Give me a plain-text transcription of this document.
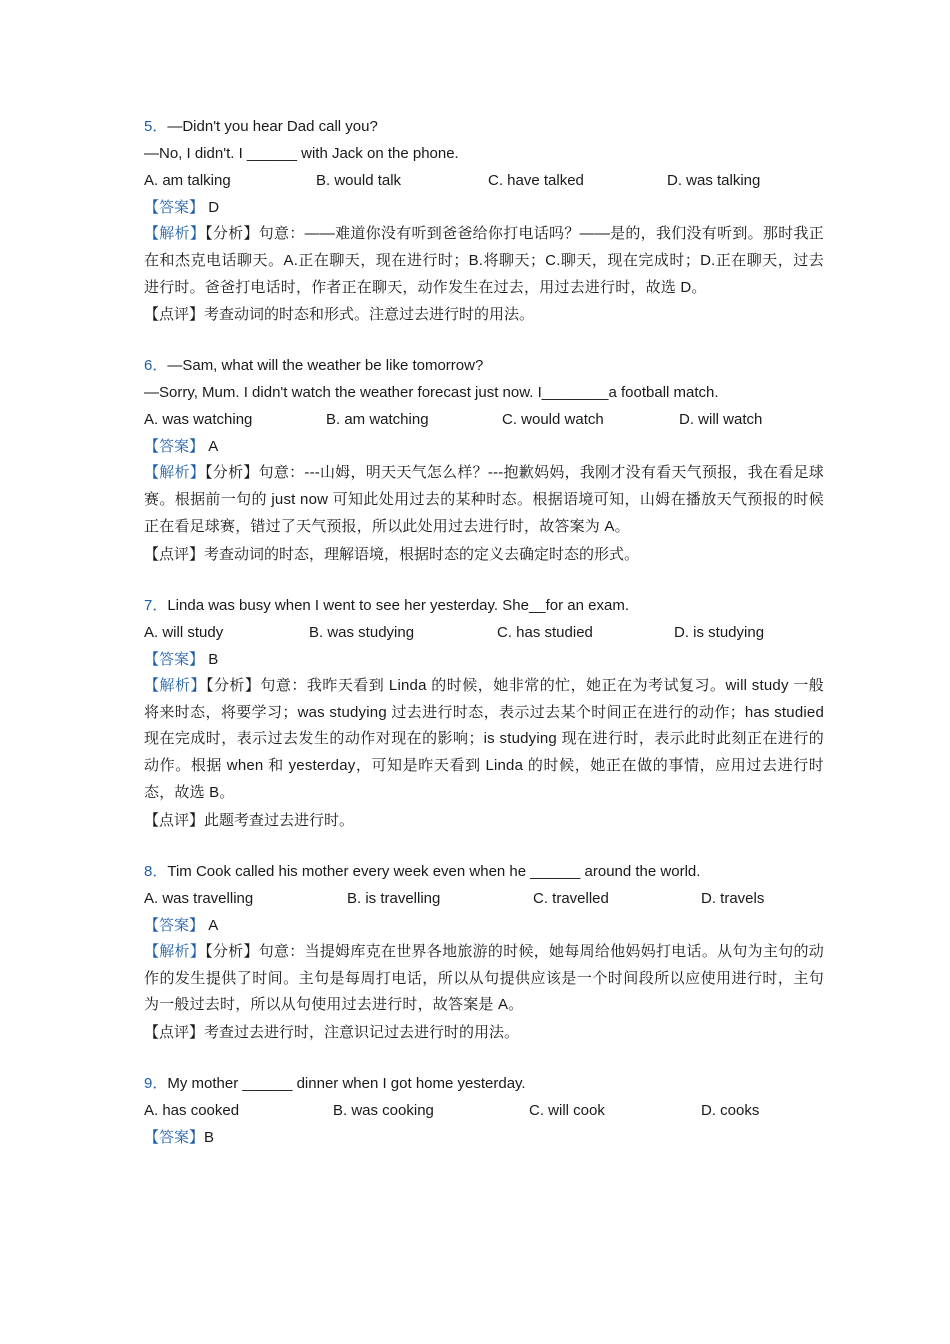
5．—Didn't you hear Dad call you?
—No, I didn't. I ______ with Jack on the phone.
A. am talking	B. would talk	C. have talked	D. was talking
【答案】 D
【解析】【分析】句意：——难道你没有听到爸爸给你打电话吗？——是的，我们没有听到。那时我正在和杰克电话聊天。A.正在聊天，现在进行时；B.将聊天；C.聊天，现在完成时；D.正在聊天，过去进行时。爸爸打电话时，作者正在聊天，动作发生在过去，用过去进行时，故选 D。
【点评】考查动词的时态和形式。注意过去进行时的用法。
6．—Sam, what will the weather be like tomorrow?
—Sorry, Mum. I didn't watch the weather forecast just now. I________a football match.
A. was watching	B. am watching	C. would watch	D. will watch
【答案】 A
【解析】【分析】句意：---山姆，明天天气怎么样？---抱歉妈妈，我刚才没有看天气预报，我在看足球赛。根据前一句的 just now 可知此处用过去的某种时态。根据语境可知，山姆在播放天气预报的时候正在看足球赛，错过了天气预报，所以此处用过去进行时，故答案为 A。
【点评】考查动词的时态，理解语境，根据时态的定义去确定时态的形式。
7．Linda was busy when I went to see her yesterday. She__for an exam.
A. will study	B. was studying	C. has studied	D. is studying
【答案】 B
【解析】【分析】句意：我昨天看到 Linda 的时候，她非常的忙，她正在为考试复习。will study 一般将来时态，将要学习；was studying 过去进行时态，表示过去某个时间正在进行的动作；has studied 现在完成时，表示过去发生的动作对现在的影响；is studying 现在进行时，表示此时此刻正在进行的动作。根据 when 和 yesterday，可知是昨天看到 Linda 的时候，她正在做的事情，应用过去进行时态，故选 B。
【点评】此题考查过去进行时。
8．Tim Cook called his mother every week even when he ______ around the world.
A. was travelling	B. is travelling	C. travelled	D. travels
【答案】 A
【解析】【分析】句意：当提姆库克在世界各地旅游的时候，她每周给他妈妈打电话。从句为主句的动作的发生提供了时间。主句是每周打电话，所以从句提供应该是一个时间段所以应使用进行时，主句为一般过去时，所以从句使用过去进行时，故答案是 A。
【点评】考查过去进行时，注意识记过去进行时的用法。
9．My mother ______ dinner when I got home yesterday.
A. has cooked	B. was cooking	C. will cook	D. cooks
【答案】B
